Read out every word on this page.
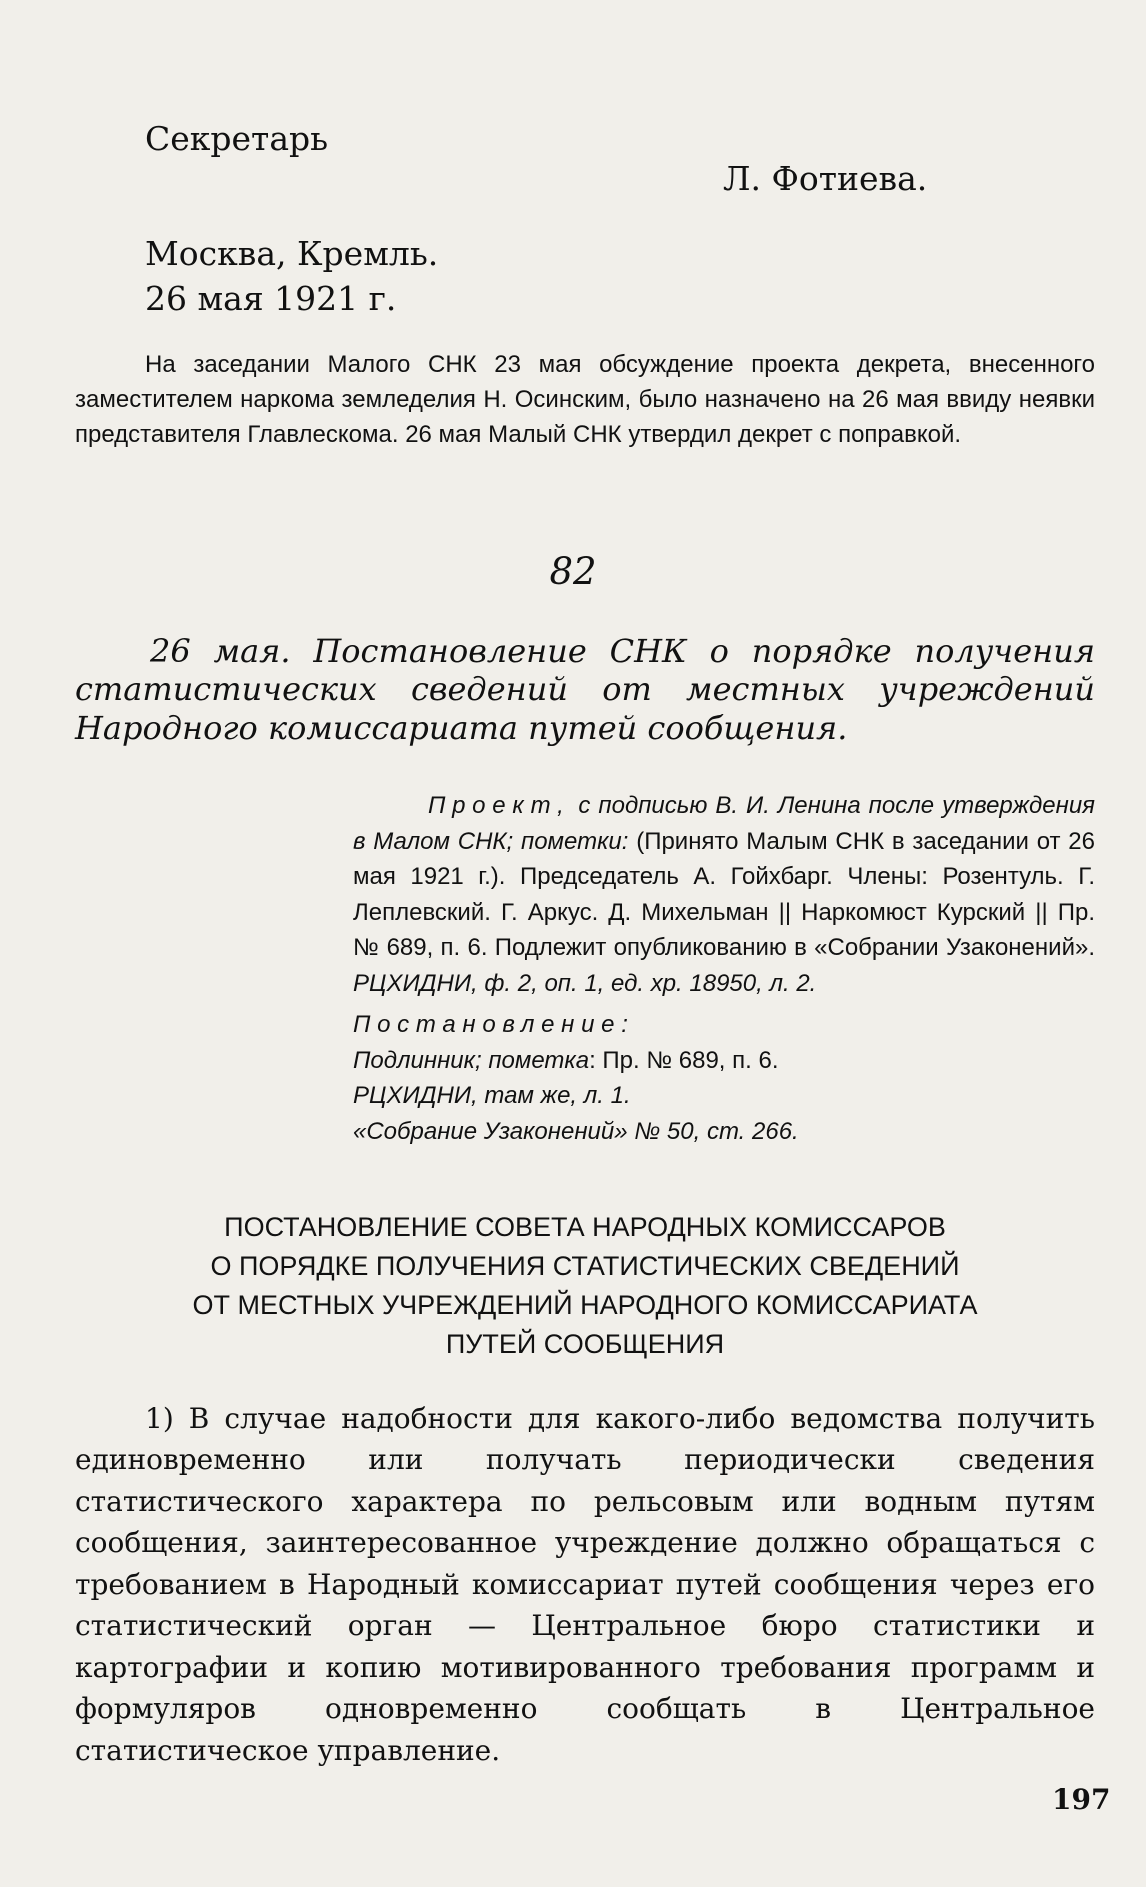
Секретарь
Л. Фотиева.
Москва, Кремль.
26 мая 1921 г.
На заседании Малого СНК 23 мая обсуждение проекта декрета, внесенного заместителем наркома земледелия Н. Осинским, было назначено на 26 мая ввиду неявки представителя Главлескома. 26 мая Малый СНК утвердил декрет с поправкой.
82
26 мая. Постановление СНК о порядке получения статистических сведений от местных учреждений Народного комиссариата путей сообщения.

Проект, с подписью В. И. Ленина после утверждения в Малом СНК; пометки: (Принято Малым СНК в заседании от 26 мая 1921 г.). Председатель А. Гойхбарг. Члены: Розентуль. Г. Леплевский. Г. Аркус. Д. Михельман || Наркомюст Курский || Пр. № 689, п. 6. Подлежит опубликованию в «Собрании Узаконений». РЦХИДНИ, ф. 2, оп. 1, ед. хр. 18950, л. 2.

Постановление:

Подлинник; пометка: Пр. № 689, п. 6.

РЦХИДНИ, там же, л. 1.

«Собрание Узаконений» № 50, ст. 266.

ПОСТАНОВЛЕНИЕ СОВЕТА НАРОДНЫХ КОМИССАРОВ
О ПОРЯДКЕ ПОЛУЧЕНИЯ СТАТИСТИЧЕСКИХ СВЕДЕНИЙ
ОТ МЕСТНЫХ УЧРЕЖДЕНИЙ НАРОДНОГО КОМИССАРИАТА
ПУТЕЙ СООБЩЕНИЯ
1) В случае надобности для какого-либо ведомства получить единовременно или получать периодически сведения статистического характера по рельсовым или водным путям сообщения, заинтересованное учреждение должно обращаться с требованием в Народный комиссариат путей сообщения через его статистический орган — Центральное бюро статистики и картографии и копию мотивированного требования программ и формуляров одновременно сообщать в Центральное статистическое управление.
197
